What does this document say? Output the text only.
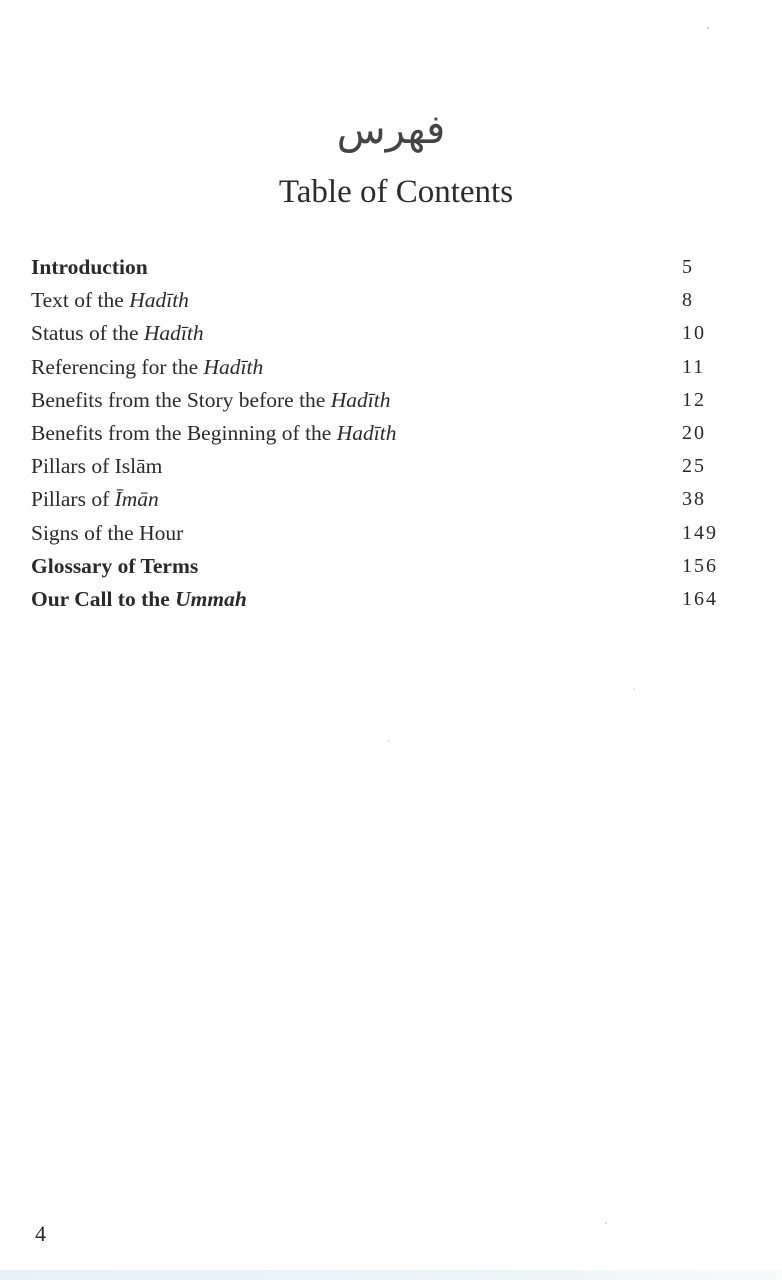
فهرس
Table of Contents
Introduction	5
Text of the Hadīth	8
Status of the Hadīth	10
Referencing for the Hadīth	11
Benefits from the Story before the Hadīth	12
Benefits from the Beginning of the Hadīth	20
Pillars of Islām	25
Pillars of Īmān	38
Signs of the Hour	149
Glossary of Terms	156
Our Call to the Ummah	164
4
